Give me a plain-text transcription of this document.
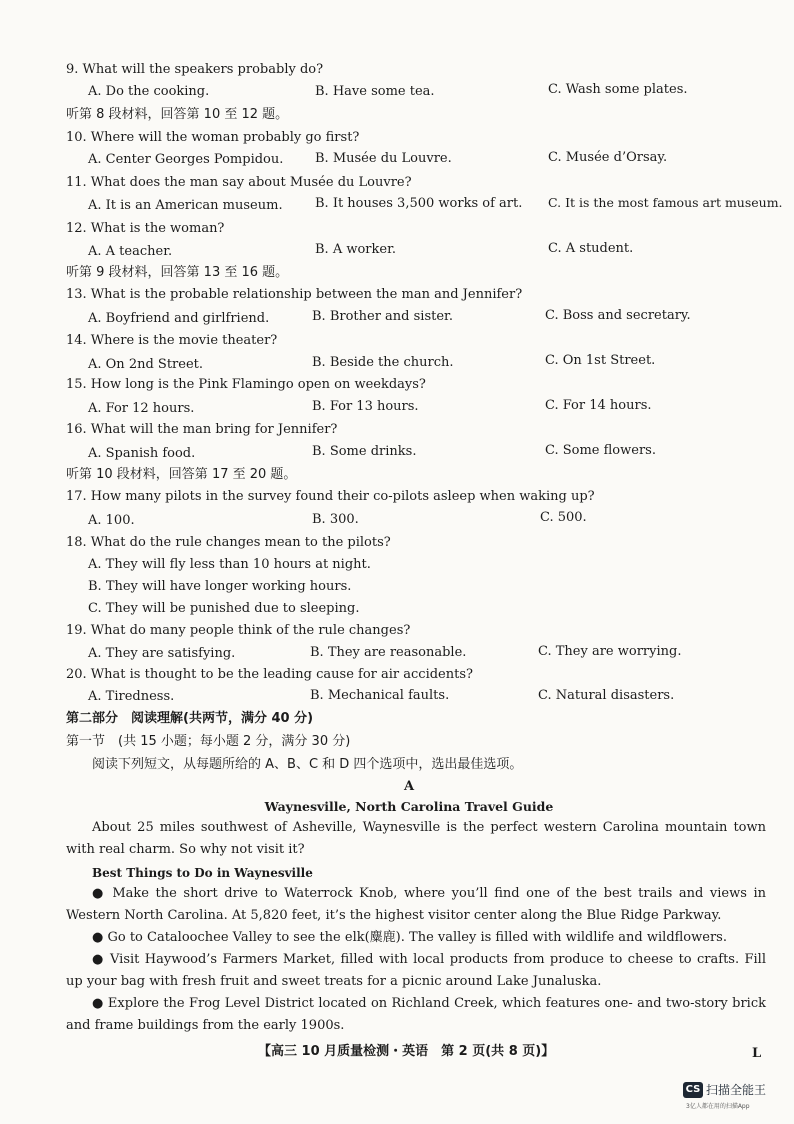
9. What will the speakers probably do?
A. Do the cooking.	B. Have some tea.	C. Wash some plates.
听第 8 段材料，回答第 10 至 12 题。
10. Where will the woman probably go first?
A. Center Georges Pompidou. B. Musée du Louvre.	C. Musée d’Orsay.
11. What does the man say about Musée du Louvre?
A. It is an American museum. B. It houses 3,500 works of art. C. It is the most famous art museum.
12. What is the woman?
A. A teacher.	B. A worker.	C. A student.
听第 9 段材料，回答第 13 至 16 题。
13. What is the probable relationship between the man and Jennifer?
A. Boyfriend and girlfriend.	B. Brother and sister.	C. Boss and secretary.
14. Where is the movie theater?
A. On 2nd Street.	B. Beside the church.	C. On 1st Street.
15. How long is the Pink Flamingo open on weekdays?
A. For 12 hours.	B. For 13 hours.	C. For 14 hours.
16. What will the man bring for Jennifer?
A. Spanish food.	B. Some drinks.	C. Some flowers.
听第 10 段材料，回答第 17 至 20 题。
17. How many pilots in the survey found their co-pilots asleep when waking up?
A. 100.	B. 300.	C. 500.
18. What do the rule changes mean to the pilots?
A. They will fly less than 10 hours at night.
B. They will have longer working hours.
C. They will be punished due to sleeping.
19. What do many people think of the rule changes?
A. They are satisfying.	B. They are reasonable.	C. They are worrying.
20. What is thought to be the leading cause for air accidents?
A. Tiredness.	B. Mechanical faults.	C. Natural disasters.
第二部分　阅读理解(共两节，满分 40 分)
第一节　(共 15 小题；每小题 2 分，满分 30 分)
阅读下列短文，从每题所给的 A、B、C 和 D 四个选项中，选出最佳选项。
A
Waynesville, North Carolina Travel Guide
About 25 miles southwest of Asheville, Waynesville is the perfect western Carolina mountain town with real charm. So why not visit it?
Best Things to Do in Waynesville
● Make the short drive to Waterrock Knob, where you’ll find one of the best trails and views in Western North Carolina. At 5,820 feet, it’s the highest visitor center along the Blue Ridge Parkway.
● Go to Cataloochee Valley to see the elk(麋鹿). The valley is filled with wildlife and wildflowers.
● Visit Haywood’s Farmers Market, filled with local products from produce to cheese to crafts. Fill up your bag with fresh fruit and sweet treats for a picnic around Lake Junaluska.
● Explore the Frog Level District located on Richland Creek, which features one- and two-story brick and frame buildings from the early 1900s.
【高三 10 月质量检测・英语　第 2 页(共 8 页)】	L
CS 扫描全能王
3亿人都在用的扫描App
